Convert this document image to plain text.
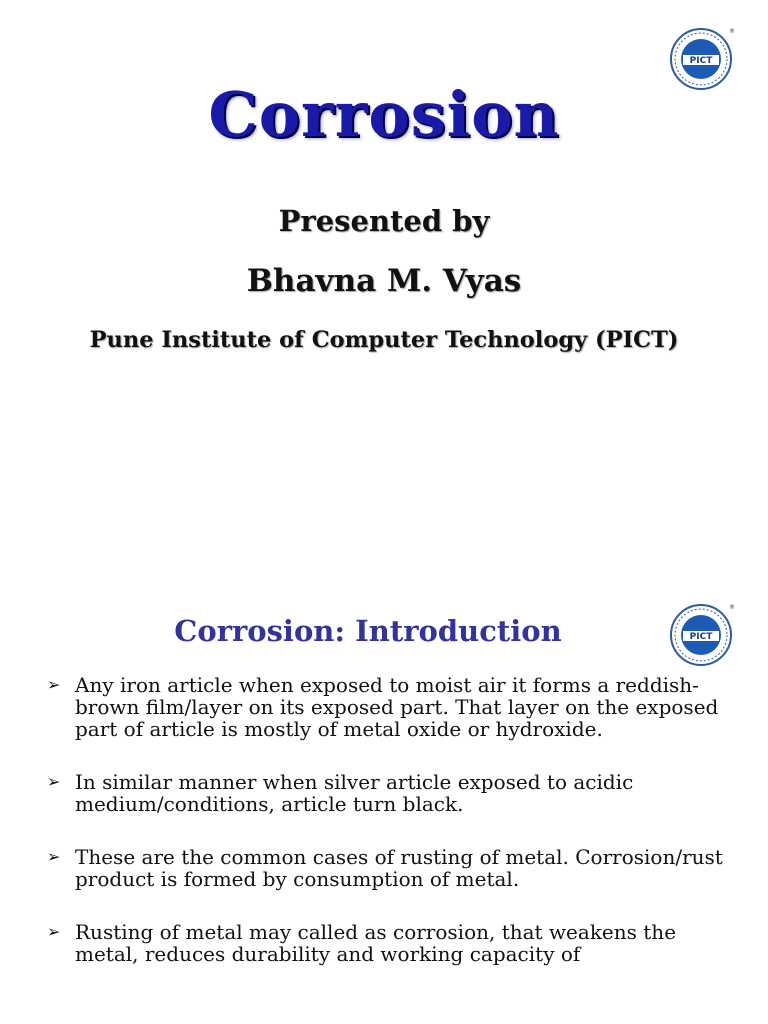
PICT
®
Corrosion
Presented by
Bhavna M. Vyas
Pune Institute of Computer Technology (PICT)
PICT
®
Corrosion: Introduction
➢ Any iron article when exposed to moist air it forms a reddish-brown film/layer on its exposed part. That layer on the exposed part of article is mostly of metal oxide or hydroxide.
➢ In similar manner when silver article exposed to acidic medium/conditions, article turn black.
➢ These are the common cases of rusting of metal. Corrosion/rust product is formed by consumption of metal.
➢ Rusting of metal may called as corrosion, that weakens the metal, reduces durability and working capacity of
